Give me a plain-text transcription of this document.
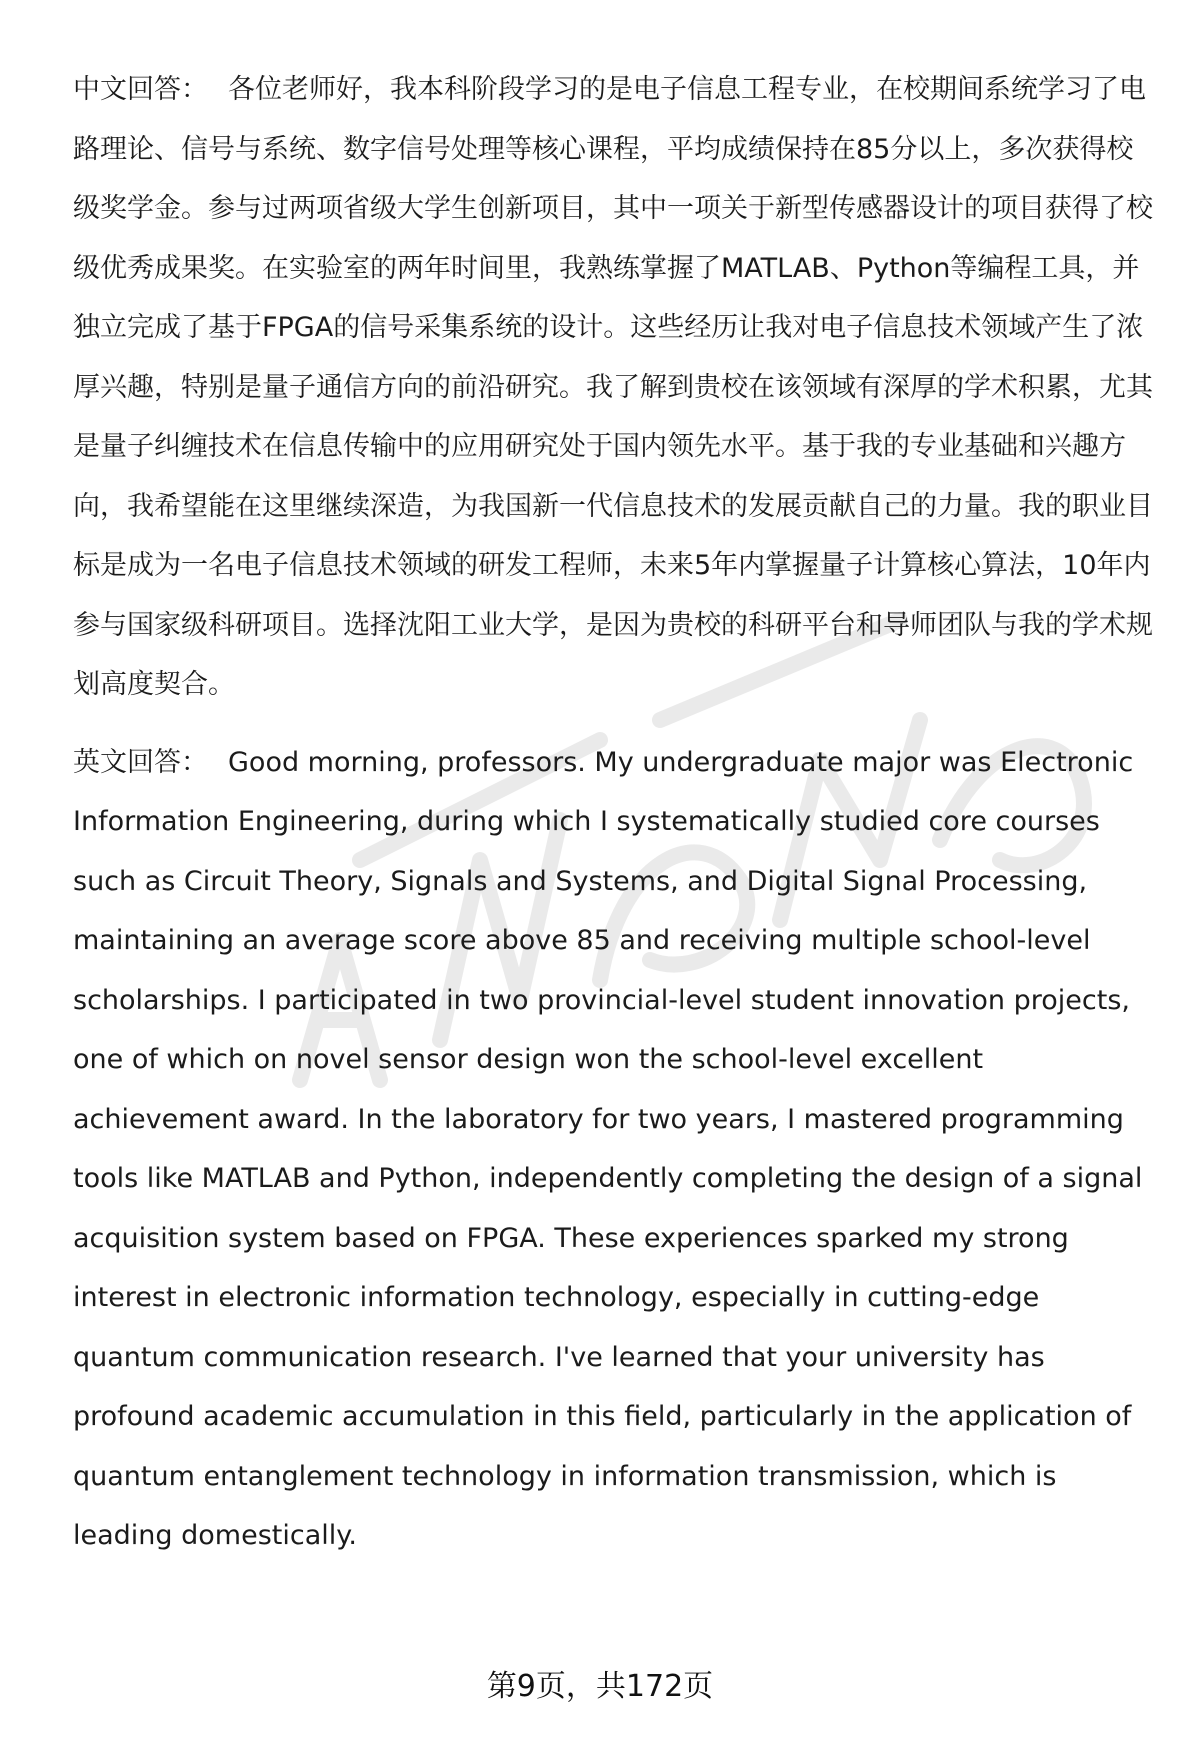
中文回答： 各位老师好，我本科阶段学习的是电子信息工程专业，在校期间系统学习了电路理论、信号与系统、数字信号处理等核心课程，平均成绩保持在85分以上，多次获得校级奖学金。参与过两项省级大学生创新项目，其中一项关于新型传感器设计的项目获得了校级优秀成果奖。在实验室的两年时间里，我熟练掌握了MATLAB、Python等编程工具，并独立完成了基于FPGA的信号采集系统的设计。这些经历让我对电子信息技术领域产生了浓厚兴趣，特别是量子通信方向的前沿研究。我了解到贵校在该领域有深厚的学术积累，尤其是量子纠缠技术在信息传输中的应用研究处于国内领先水平。基于我的专业基础和兴趣方向，我希望能在这里继续深造，为我国新一代信息技术的发展贡献自己的力量。我的职业目标是成为一名电子信息技术领域的研发工程师，未来5年内掌握量子计算核心算法，10年内参与国家级科研项目。选择沈阳工业大学，是因为贵校的科研平台和导师团队与我的学术规划高度契合。

英文回答： Good morning, professors. My undergraduate major was Electronic Information Engineering, during which I systematically studied core courses such as Circuit Theory, Signals and Systems, and Digital Signal Processing, maintaining an average score above 85 and receiving multiple school-level scholarships. I participated in two provincial-level student innovation projects, one of which on novel sensor design won the school-level excellent achievement award. In the laboratory for two years, I mastered programming tools like MATLAB and Python, independently completing the design of a signal acquisition system based on FPGA. These experiences sparked my strong interest in electronic information technology, especially in cutting-edge quantum communication research. I've learned that your university has profound academic accumulation in this field, particularly in the application of quantum entanglement technology in information transmission, which is leading domestically.

第9页，共172页
